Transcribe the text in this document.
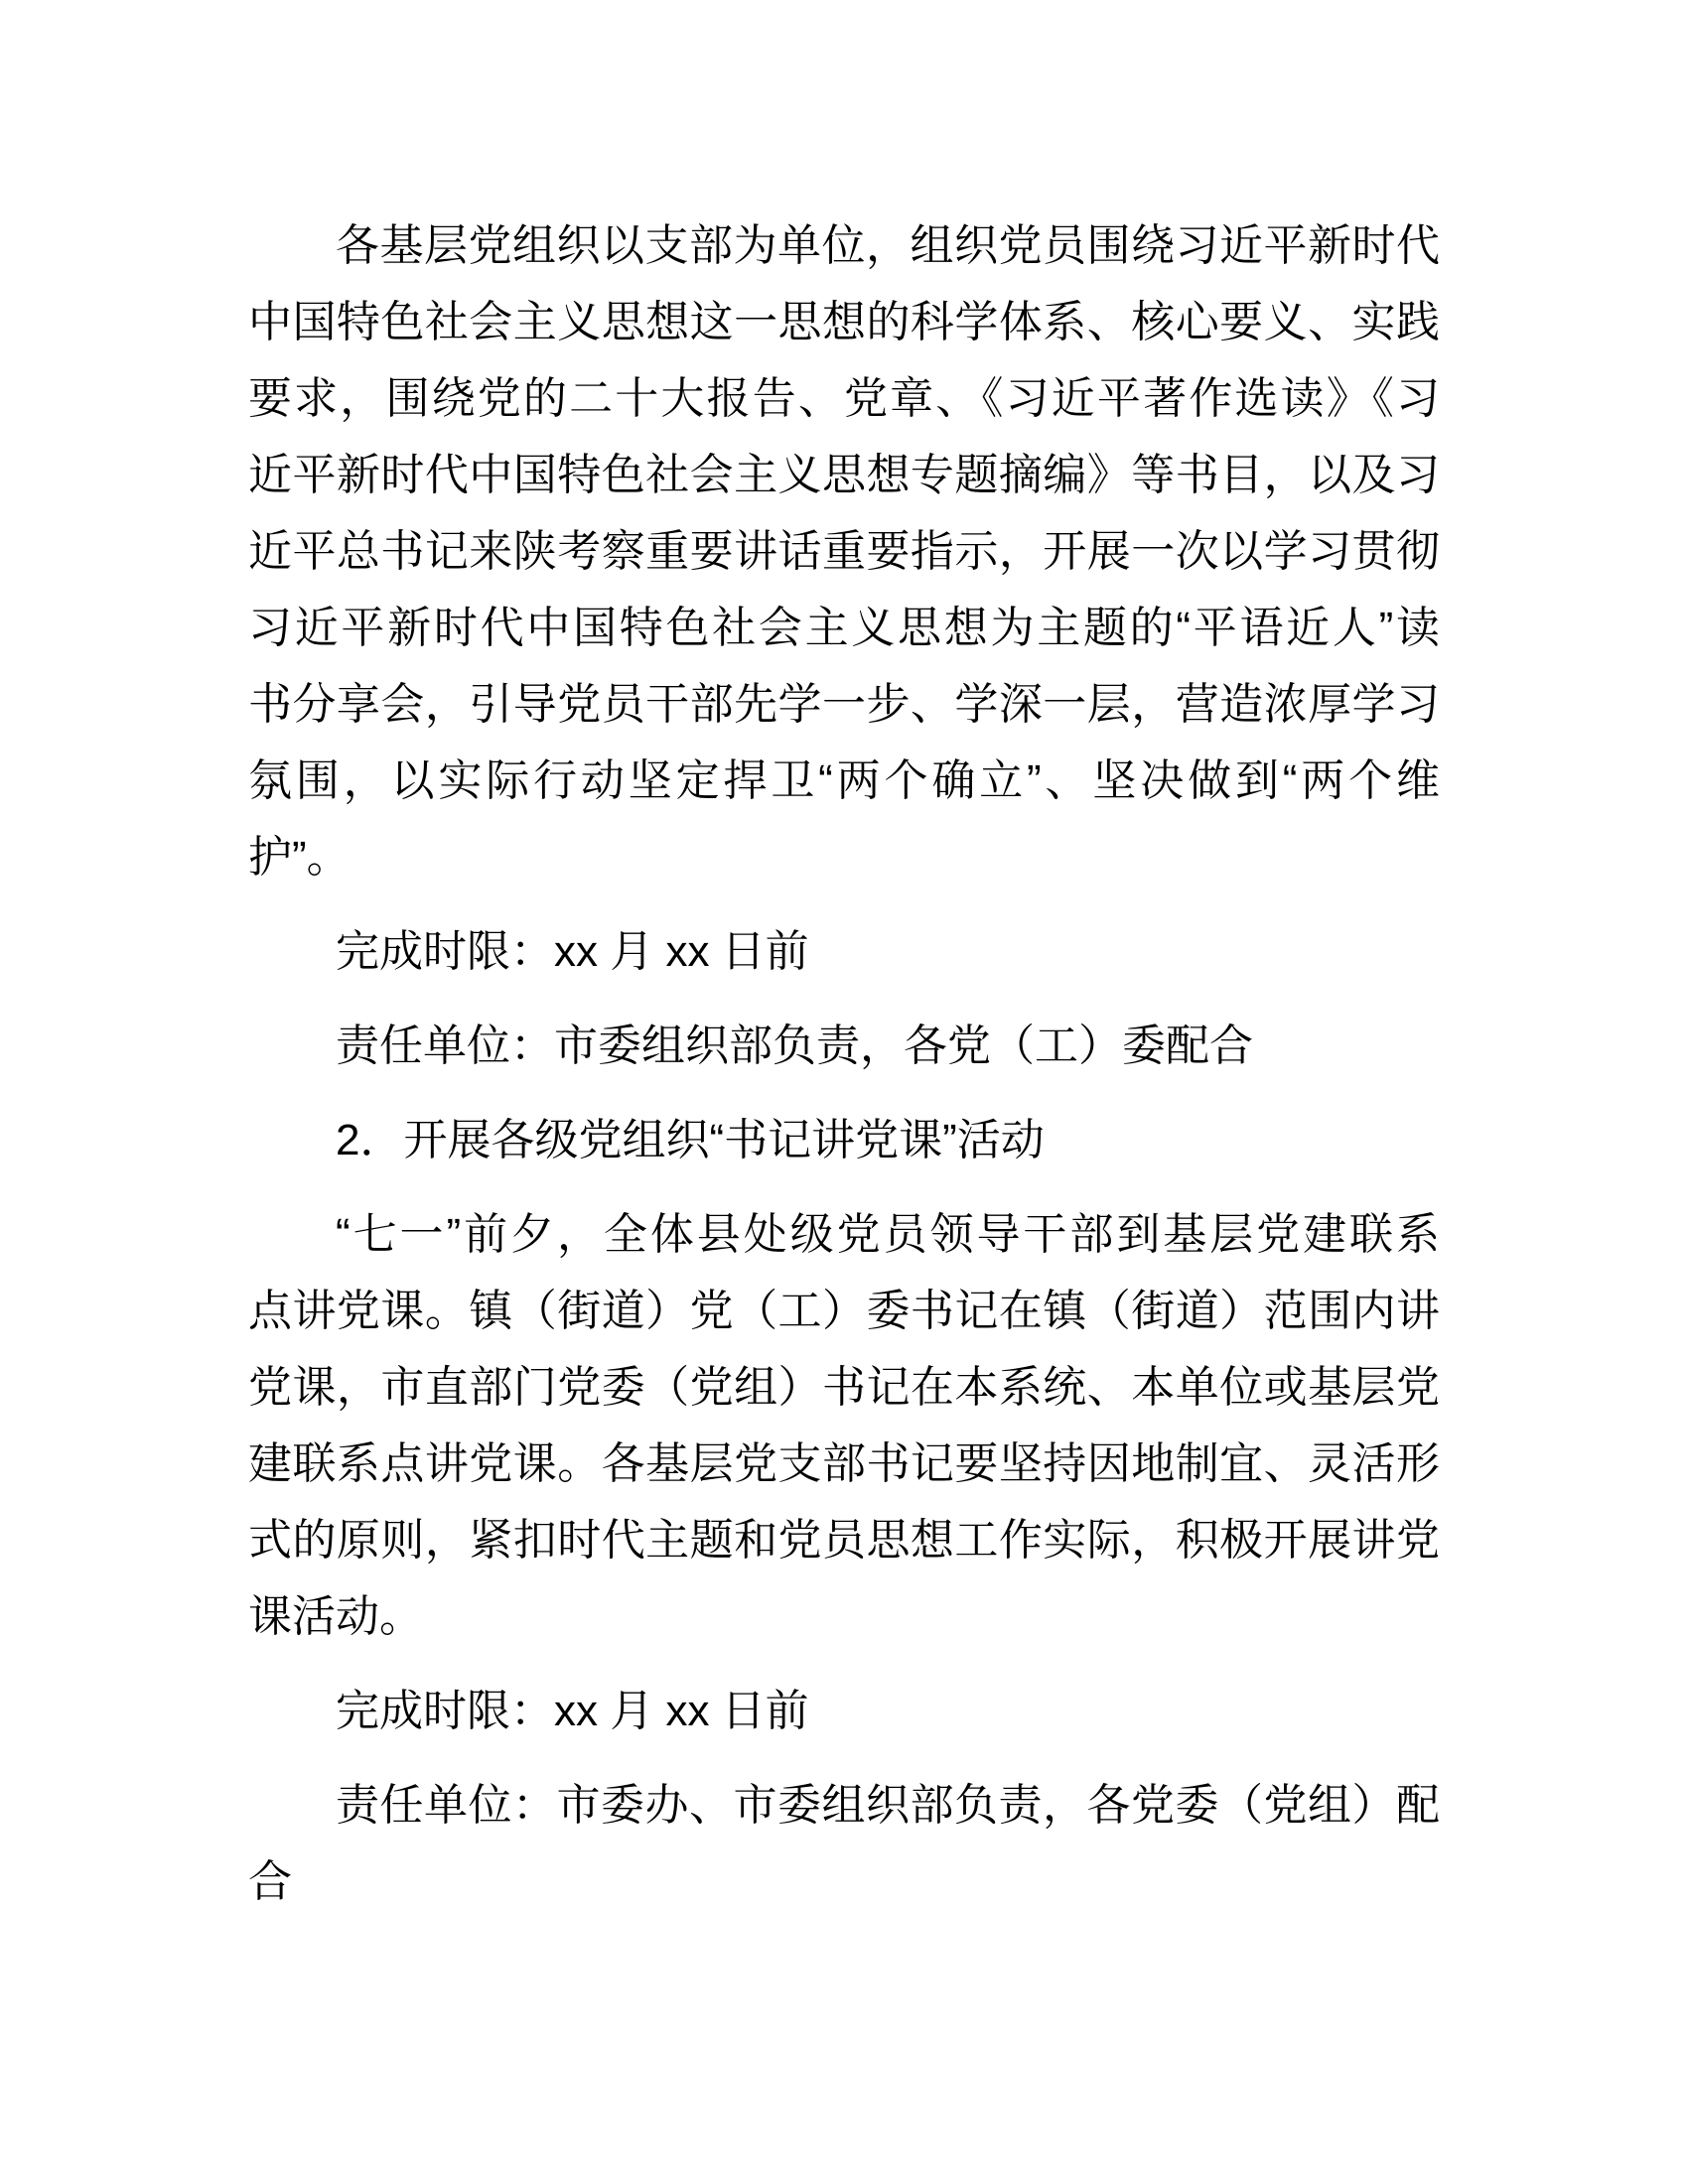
各基层党组织以支部为单位，组织党员围绕习近平新时代
中国特色社会主义思想这一思想的科学体系、核心要义、实践
要求，围绕党的二十大报告、党章、《习近平著作选读》《习
近平新时代中国特色社会主义思想专题摘编》等书目，以及习
近平总书记来陕考察重要讲话重要指示，开展一次以学习贯彻
习近平新时代中国特色社会主义思想为主题的“平语近人”读
书分享会，引导党员干部先学一步、学深一层，营造浓厚学习
氛围，以实际行动坚定捍卫“两个确立”、坚决做到“两个维
护”。
完成时限：xx 月 xx 日前
责任单位：市委组织部负责，各党（工）委配合
2．开展各级党组织“书记讲党课”活动
“七一”前夕，全体县处级党员领导干部到基层党建联系
点讲党课。镇（街道）党（工）委书记在镇（街道）范围内讲
党课，市直部门党委（党组）书记在本系统、本单位或基层党
建联系点讲党课。各基层党支部书记要坚持因地制宜、灵活形
式的原则，紧扣时代主题和党员思想工作实际，积极开展讲党
课活动。
完成时限：xx 月 xx 日前
责任单位：市委办、市委组织部负责，各党委（党组）配
合
